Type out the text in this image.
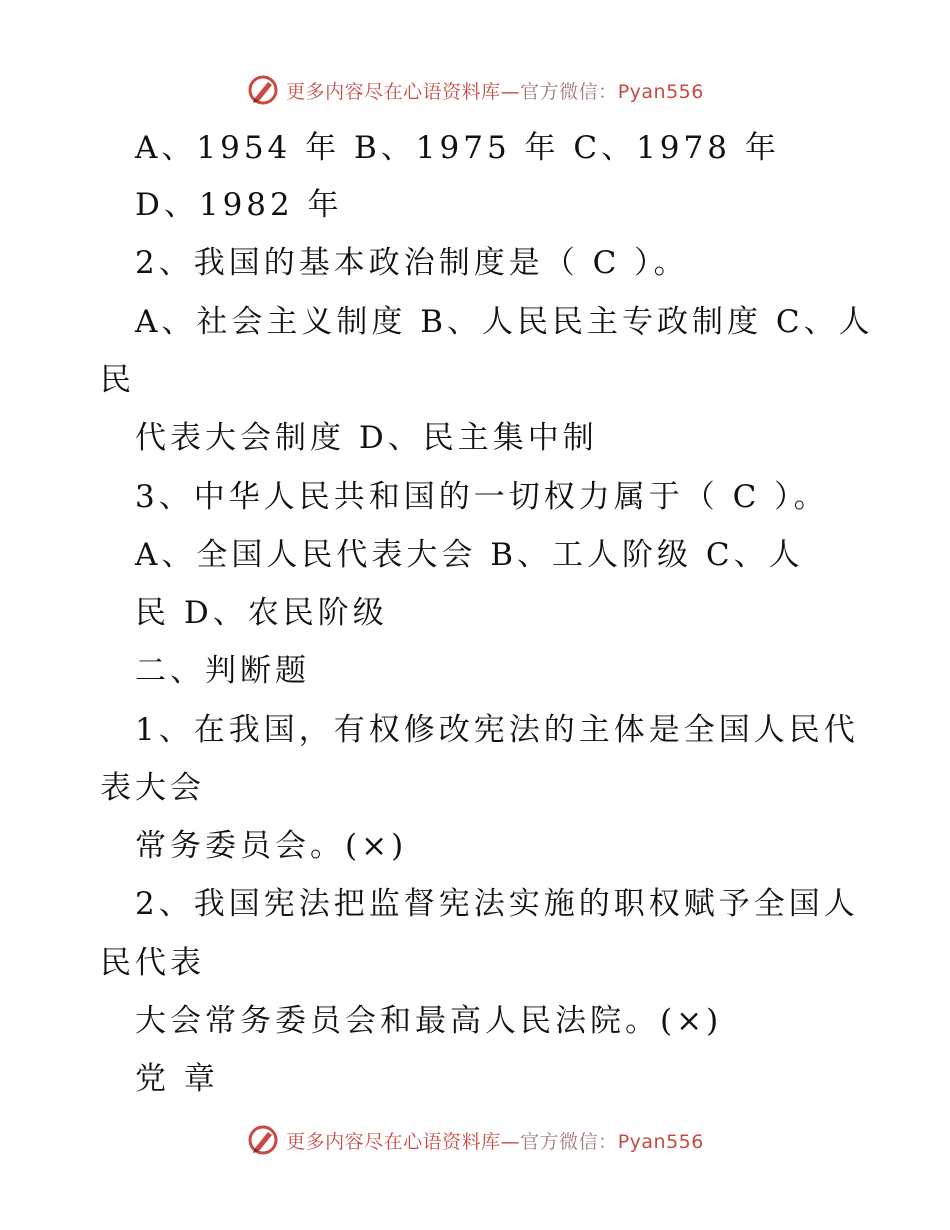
更多内容尽在心语资料库—官方微信：Pyan556
A、1954 年 B、1975 年 C、1978 年
D、1982 年
2、我国的基本政治制度是（ C ）。
A、社会主义制度 B、人民民主专政制度 C、人
民
代表大会制度 D、民主集中制
3、中华人民共和国的一切权力属于（ C ）。
A、全国人民代表大会 B、工人阶级 C、人
民 D、农民阶级
二、判断题
1、在我国，有权修改宪法的主体是全国人民代
表大会
常务委员会。(×)
2、我国宪法把监督宪法实施的职权赋予全国人
民代表
大会常务委员会和最高人民法院。(×)
党 章
更多内容尽在心语资料库—官方微信：Pyan556
